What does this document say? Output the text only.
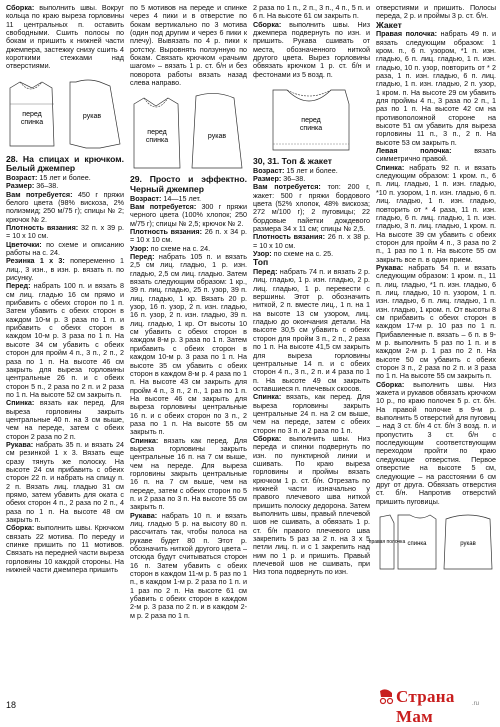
Сборка: выполнить швы. Вокруг кольца по краю выреза горловины 11 центральных п. оставить свободными. Сшить полосы по бокам и пришить к нижней части джемпера, застежку снизу сшить 4 короткими стежками над отверстиями.

перед
спинка
рукав

28. На спицах и крючком. Белый джемпер

Возраст: 15 лет и более.

Размер: 36–38.

Вам потребуется: 450 г пряжи белого цвета (98% вискоза, 2% полиэмид; 250 м/75 г); спицы № 2; крючок № 2.

Плотность вязания: 32 п. х 39 р. = 10 х 10 см.

Цветочки: по схеме и описанию работы на с. 24.

Резинка 1 х 3: попеременно 1 лиц., 3 изн., в изн. р. вязать п. по рисунку.

Перед: набрать 100 п. и вязать 8 см лиц. гладью 16 см прямо и прибавить с обеих сторон по 1 п. Затем убавить с обеих сторон в каждом 10-м р. 3 раза по 1 п. и прибавить с обеих сторон в каждом 10-м р. 3 раза по 1 п. На высоте 34 см убавить с обеих сторон для пройм 4 п., 3 п., 2 п., 2 раза по 1 п. На высоте 46 см закрыть для выреза горловины центральные 26 п. и с обеих сторон 5 п., 2 раза по 2 п. и 2 раза по 1 п. На высоте 52 см закрыть п.

Спинка: вязать как перед. Для выреза горловины закрыть центральные 40 п. на 3 см выше, чем на переде, затем с обеих сторон 2 раза по 2 п.

Рукава: набрать 35 п. и вязать 24 см резинкой 1 х 3. Вязать еще сразу тянуть же полоску. На высоте 24 см прибавить с обеих сторон 22 п. и набрать на спицу п. 2 п. Вязать лиц. гладью 31 см прямо, затем убавить для оката с обеих сторон 4 п., 2 раза по 2 п., 4 раза по 1 п. На высоте 48 см закрыть п.

Сборка: выполнить швы. Крючком связать 22 мотива. По переду и спинке пришить по 11 мотивов. Связать на передней части выреза горловины 10 каждой стороны. На нижней части джемпера пришить

по 5 мотивов на переде и спинке через 4 пики и в отверстие по бокам вертикально по 3 мотива (один под другим и через 6 пики к плечу). Вывязать по 4 р. пики к ротстку. Выровнять ползунную по бокам. Связать крючком «рачьим шагом» – вязать 1 р. ст. б/н и без поворота работы вязать назад слева направо.

перед
спинка
рукав

29. Просто и эффектно. Черный джемпер

Возраст: 14—15 лет.

Вам потребуется: 300 г пряжи черного цвета (100% хлопок; 250 м/75 г); спицы № 2,5; крючок № 2.

Плотность вязания: 26 п. х 34 р. = 10 х 10 см.

Узор: по схеме на с. 24.

Перед: набрать 105 п. и вязать 2,5 см лиц. гладью, 1 р. изн. гладью, 2,5 см лиц. гладью. Затем вязать следующим образом: 1 кр., 39 п. лиц. гладью, 25 п. узор, 39 п. лиц. гладью, 1 кр. Вязать 20 р. узор, 16 п. узор, 2 п. изн. гладью, 16 п. узор, 2 п. изн. гладью, 39 п. лиц. гладью, 1 кр. От высоты 10 см убавить с обеих сторон в каждом 8-м р. 3 раза по 1 п. Затем прибавить с обеих сторон в каждом 10-м р. 3 раза по 1 п. На высоте 35 см убавить с обеих сторон в каждом 8-м р. 4 раза по 1 п. На высоте 43 см закрыть для пройм 4 п., 3 п., 2 п., 1 раз по 1 п. На высоте 46 см закрыть для выреза горловины центральные 16 п. и с обеих сторон по 3 п., 2 раза по 1 п. На высоте 55 см закрыть п.

Спинка: вязать как перед. Для выреза горловины закрыть центральные 16 п. на 7 см выше, чем на переде. Для выреза горловины закрыть центральные 16 п. на 7 см выше, чем на переде, затем с обеих сторон по 5 п. и 2 раза по 3 п. На высоте 55 см закрыть п.

Рукава: набрать 10 п. и вязать лиц. гладью 5 р. на высоту 80 п. рассчитать так, чтобы полоса на рукаве будет 80 п. Этот р. обозначить ниткой другого цвета – отсюда будут считываться сторон 16 п. Затем убавить с обеих сторон в каждом 11-м р. 5 раз по 1 п., в каждом 1-м р. 2 раза по 1 п. и 1 раз по 2 п. На высоте 61 см убавить с обеих сторон в каждом 2-м р. 3 раза по 2 п. и в каждом 2-м р. 2 раза по 1 п.

2 раза по 1 п., 2 п., 3 п., 4 п., 5 п. и 6 п. На высоте 61 см закрыть п.

Сборка: выполнить швы. Низ джемпера подвернуть по изн. и пришить. Рукава сшивать от места, обозначенного ниткой другого цвета. Вырез горловины обвязать крючком 1 р. ст. б/н и фестонами из 5 возд. п.

перед
спинка

30, 31. Топ & жакет

Возраст: 15 лет и более.

Размер: 36–38.

Вам потребуется: топ: 200 г, жакет: 500 г пряжи бордового цвета (52% хлопок, 48% вискоза; 272 м/100 г); 2 пуговицы; 22 бордовые пайетки дождевого размера 34 х 11 см; спицы № 2,5.

Плотность вязания: 26 п. х 38 р. = 10 х 10 см.

Узор: по схеме на с. 25.

Топ

Перед: набрать 74 п. и вязать 2 р. лиц. гладью, 1 р. изн. гладью, 2 р. лиц. гладью, 1 р. перевести с вершины. Этот р. обозначить ниткой, 2 п. вместе лиц., 1 п. на 1 на высоте 13 см узором, лиц. гладью до окончания детали. На высоте 30,5 см убавить с обеих сторон для пройм 3 п., 2 п., 2 раза по 1 п. На высоте 41,5 см закрыть для выреза горловины центральные 14 п. и с обеих сторон 4 п., 3 п., 2 п. и 4 раза по 1 п. На высоте 49 см закрыть оставшиеся п. плечевых скосов.

Спинка: вязать, как перед. Для выреза горловины закрыть центральные 24 п. на 2 см выше, чем на переде, затем с обеих сторон по 3 п. и 2 раза по 1 п.

Сборка: выполнить швы. Низ переда и спинки подвернуть по изн. по пунктирной линии и сшивать. По краю выреза горловины и проймы вязать крючком 1 р. ст. б/н. Отрезать по нижней части изначально у правого плечевого шва ниткой пришить полоску дедорона. Затем выполнить швы, правый плечевой шов не сшивать, а обвязать 1 р. ст. б/н правого плечевого шва закрепить 5 раз за 2 п. на 3 х 5 петли лиц. п. и с 1 закрепить над ним по 1 р. и пришить. Правый плечевой шов не сшивать, при Низ топа подвернуть по изн.

отверстиями и пришить. Полосы переда, 2 р. и проймы 3 р. ст. б/н.

Жакет

Правая полочка: набрать 49 п. и вязать следующим образом: 1 кром. п., 6 п. узором, *1 п. изн. гладью, 6 п. лиц. гладью, 1 п. изн. гладью, 10 п. узор, повторить от * 2 раза, 1 п. изн. гладью, 6 п. лиц. гладью, 1 п. изн. гладью, 2 п. узор, 1 кром. п. На высоте 29 см убавить для проймы 4 п., 3 раза по 2 п., 1 раз по 1 п. На высоте 42 см на противоположной стороне на высоте 51 см убавить для выреза горловины 11 п., 3 п., 2 п. На высоте 53 см закрыть п.

Левая полочка: вязать симметрично правой.

Спинка: набрать 92 п. и вязать следующим образом: 1 кром. п., 6 п. лиц. гладью, 1 п. изн. гладью, *10 п. узором, 1 п. изн. гладью, 6 п. лиц. гладью, 1 п. изн. гладью, повторить от * 4 раза, 11 п. изн. гладью, 6 п. лиц. гладью, 1 п. изн. гладью, 3 п. лиц. гладью, 1 кром. п. На высоте 39 см убавить с обеих сторон для пройм 4 п., 3 раза по 2 п., 1 раз по 1 п. На высоте 55 см закрыть все п. в один прием.

Рукава: набрать 54 п. и вязать следующим образом: 1 кром. п., 11 п. лиц. гладью, *1 п. изн. гладью, 6 п. лиц. гладью, 10 п. узором, 1 п. изн. гладью, 6 п. лиц. гладью, 1 п. изн. гладью, 1 кром. п. От высоты 8 см прибавить с обеих сторон в каждом 17-м р. 10 раз по 1 п. Прибавленные п. вязать – 6 п. в 9-м р. выполнить 5 раз по 1 п. и в каждом 2-м р. 1 раз по 2 п. На высоте 50 см убавить с обеих сторон 3 п., 2 раза по 2 п. и 3 раза по 1 п. На высоте 55 см закрыть п.

Сборка: выполнить швы. Низ жакета и рукавов обвязать крючком 10 р., по краю полочек 5 р. ст. б/н. На правой полочке в 9-м р. выполнить 5 отверстий для пуговиц – над 3 ст. б/н 4 ст. б/н 3 возд. п. и пропустить 3 ст. б/н с последующим соответствующим переходом пройти по краю следующие отверстия. Первое отверстие на высоте 5 см, следующие – на расстоянии 6 см друг от друга. Обвязать отверстия ст. б/н. Напротив отверстий пришить пуговицы.

правая полочка спинка	рукав
18	Страна Мам
.ru
